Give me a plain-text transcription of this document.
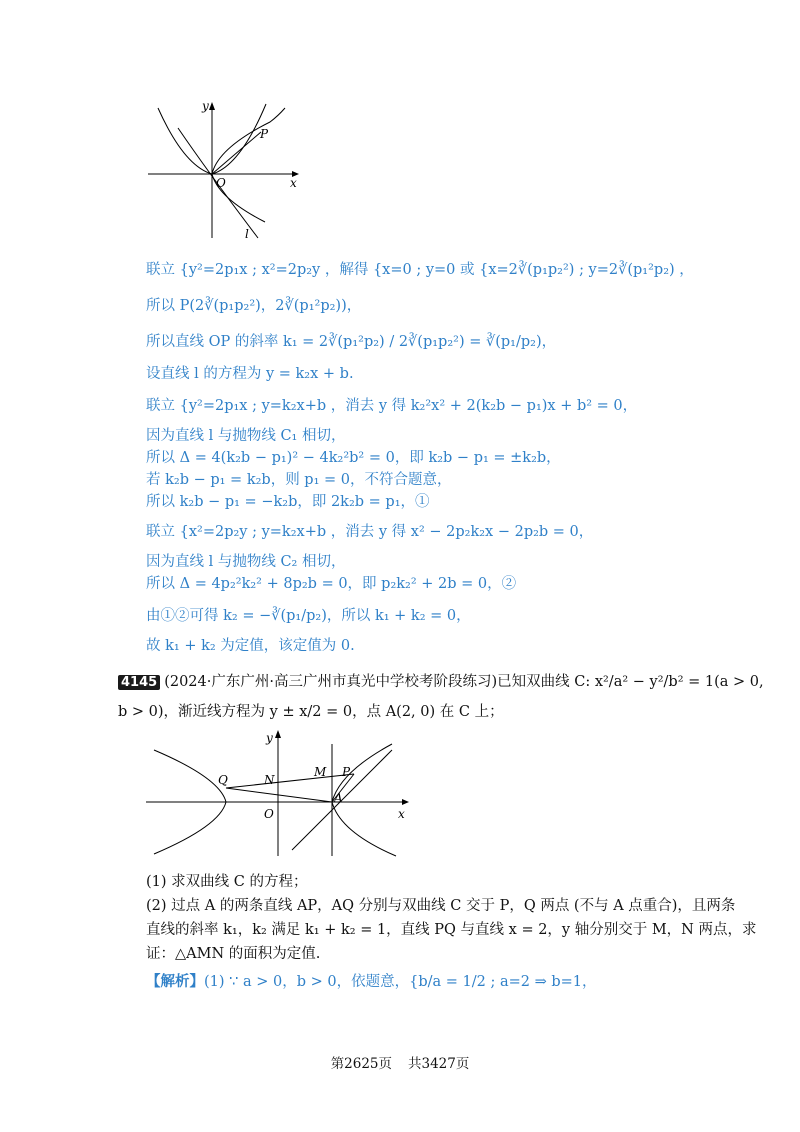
y
x
O
P
l
联立 {y²=2p₁x ; x²=2p₂y ，解得 {x=0 ; y=0 或 {x=2∛(p₁p₂²) ; y=2∛(p₁²p₂) ，
所以 P(2∛(p₁p₂²)，2∛(p₁²p₂))，
所以直线 OP 的斜率 k₁ = 2∛(p₁²p₂) / 2∛(p₁p₂²) = ∛(p₁/p₂)，
设直线 l 的方程为 y = k₂x + b.
联立 {y²=2p₁x ; y=k₂x+b ，消去 y 得 k₂²x² + 2(k₂b − p₁)x + b² = 0，
因为直线 l 与抛物线 C₁ 相切，
所以 Δ = 4(k₂b − p₁)² − 4k₂²b² = 0，即 k₂b − p₁ = ±k₂b，
若 k₂b − p₁ = k₂b，则 p₁ = 0，不符合题意，
所以 k₂b − p₁ = −k₂b，即 2k₂b = p₁，①
联立 {x²=2p₂y ; y=k₂x+b ，消去 y 得 x² − 2p₂k₂x − 2p₂b = 0，
因为直线 l 与抛物线 C₂ 相切，
所以 Δ = 4p₂²k₂² + 8p₂b = 0，即 p₂k₂² + 2b = 0，②
由①②可得 k₂ = −∛(p₁/p₂)，所以 k₁ + k₂ = 0，
故 k₁ + k₂ 为定值，该定值为 0.
4145 (2024·广东广州·高三广州市真光中学校考阶段练习)已知双曲线 C: x²/a² − y²/b² = 1(a > 0,
b > 0)，渐近线方程为 y ± x/2 = 0，点 A(2, 0) 在 C 上；
y
x
O
Q	N
M P
A
(1) 求双曲线 C 的方程；
(2) 过点 A 的两条直线 AP，AQ 分别与双曲线 C 交于 P，Q 两点 (不与 A 点重合)，且两条
直线的斜率 k₁，k₂ 满足 k₁ + k₂ = 1，直线 PQ 与直线 x = 2，y 轴分别交于 M，N 两点，求
证：△AMN 的面积为定值.
【解析】(1) ∵ a > 0，b > 0，依题意，{b/a = 1/2 ; a=2 ⇒ b=1，
第2625页 共3427页
